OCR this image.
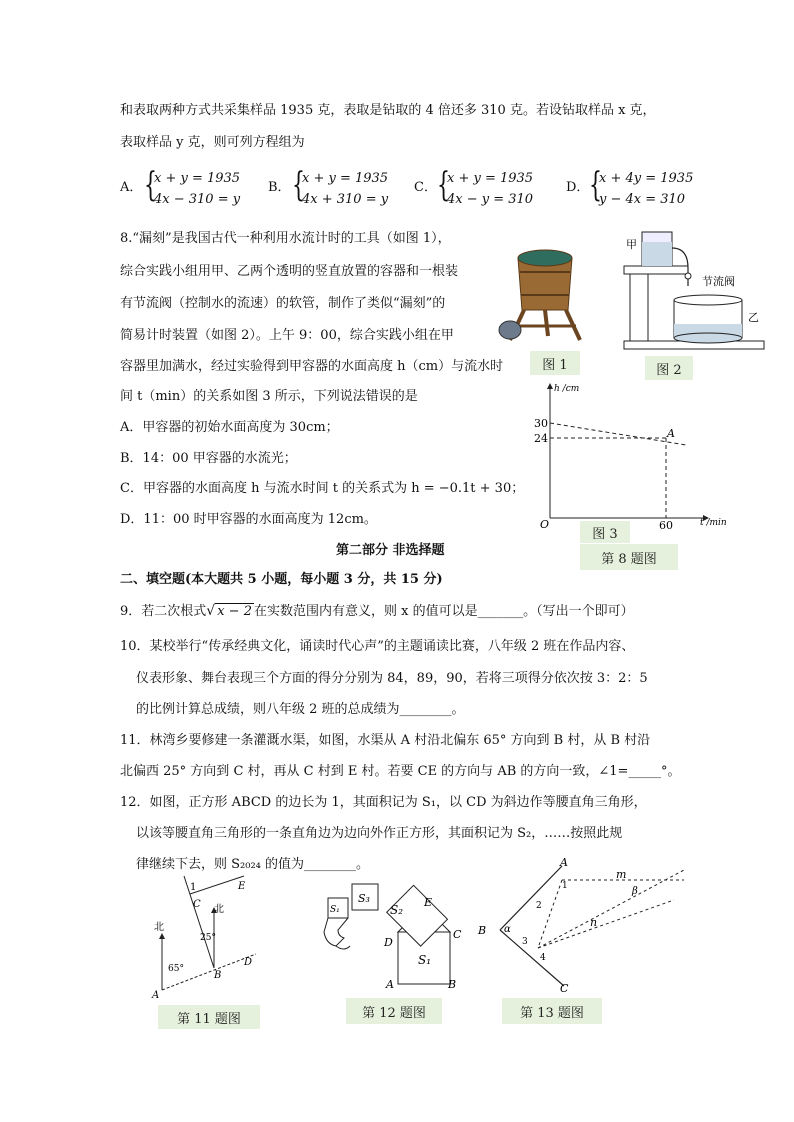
和表取两种方式共采集样品 1935 克，表取是钻取的 4 倍还多 310 克。若设钻取样品 x 克，
表取样品 y 克，则可列方程组为
A． {
x + y = 1935
4x − 310 = y
B． {
x + y = 1935
4x + 310 = y
C． {
x + y = 1935
4x − y = 310
D． {
x + 4y = 1935
y − 4x = 310
8.“漏刻”是我国古代一种利用水流计时的工具（如图 1），
综合实践小组用甲、乙两个透明的竖直放置的容器和一根装
有节流阀（控制水的流速）的软管，制作了类似“漏刻”的
简易计时装置（如图 2）。上午 9：00，综合实践小组在甲
容器里加满水，经过实验得到甲容器的水面高度 h（cm）与流水时
间 t（min）的关系如图 3 所示，下列说法错误的是
A．甲容器的初始水面高度为 30cm；
B．14：00 甲容器的水流光；
C．甲容器的水面高度 h 与流水时间 t 的关系式为 h = −0.1t + 30；
D．11：00 时甲容器的水面高度为 12cm。
图 1
甲
节流阀
乙
图 2
h /cm
t /min
30
24
O	60
A
图 3
第 8 题图
第二部分 非选择题
二、填空题(本大题共 5 小题，每小题 3 分，共 15 分)
9．若二次根式√ x − 2 在实数范围内有意义，则 x 的值可以是_______。（写出一个即可）
10．某校举行“传承经典文化，诵读时代心声”的主题诵读比赛，八年级 2 班在作品内容、
仪表形象、舞台表现三个方面的得分分别为 84，89，90，若将三项得分依次按 3：2：5
的比例计算总成绩，则八年级 2 班的总成绩为________。
11．林湾乡要修建一条灌溉水渠，如图，水渠从 A 村沿北偏东 65° 方向到 B 村，从 B 村沿
北偏西 25° 方向到 C 村，再从 C 村到 E 村。若要 CE 的方向与 AB 的方向一致，∠1=_____°。
12．如图，正方形 ABCD 的边长为 1，其面积记为 S₁，以 CD 为斜边作等腰直角三角形，
以该等腰直角三角形的一条直角边为边向外作正方形，其面积记为 S₂，……按照此规
律继续下去，则 S₂₀₂₄ 的值为________。
北
北
65°
25°
A
B
C
D
E
1
第 11 题图
S₁
S₂
S₃
S₁
D
C
A	B
E
第 12 题图
A
B
C
m
n
α
β
1
2
3
4
第 13 题图
